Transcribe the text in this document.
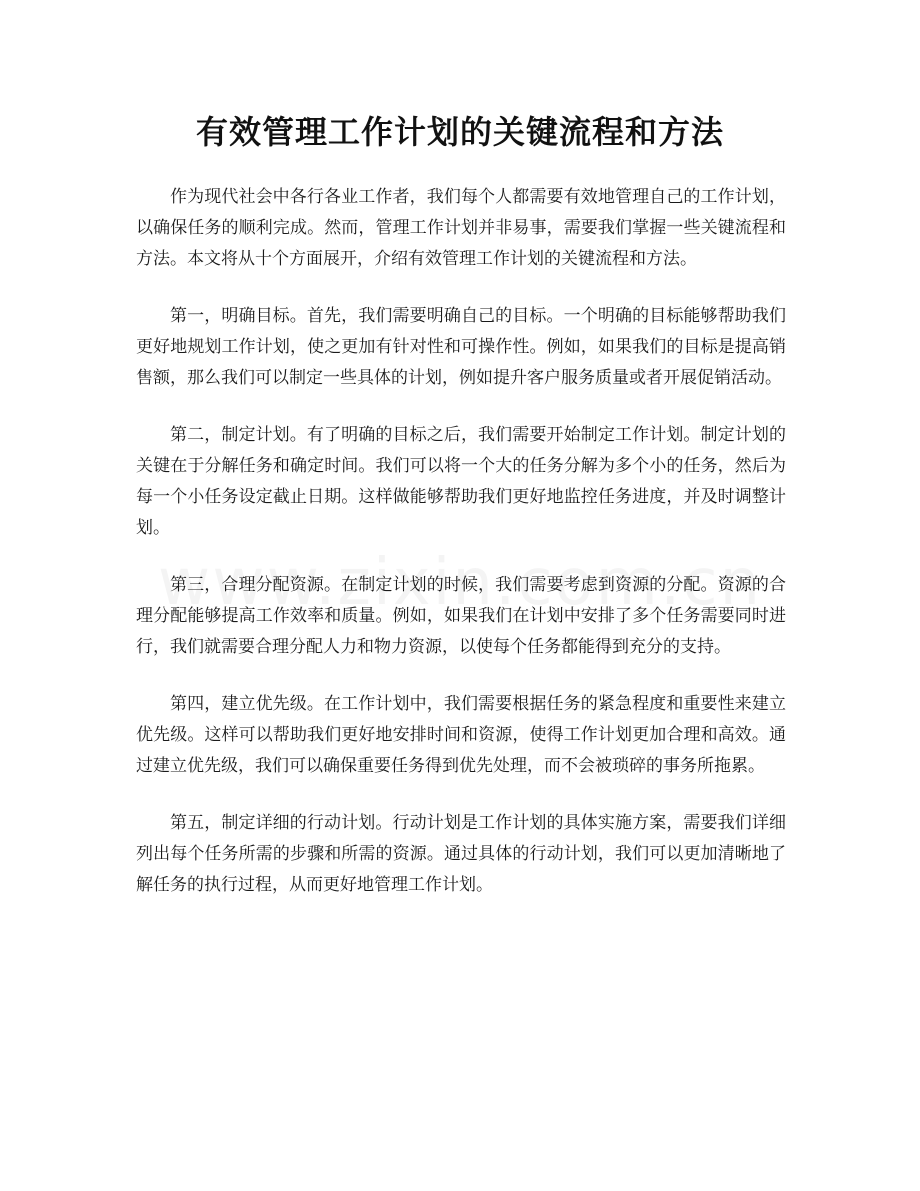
有效管理工作计划的关键流程和方法

作为现代社会中各行各业工作者，我们每个人都需要有效地管理自己的工作计划，以确保任务的顺利完成。然而，管理工作计划并非易事，需要我们掌握一些关键流程和方法。本文将从十个方面展开，介绍有效管理工作计划的关键流程和方法。

第一，明确目标。首先，我们需要明确自己的目标。一个明确的目标能够帮助我们更好地规划工作计划，使之更加有针对性和可操作性。例如，如果我们的目标是提高销售额，那么我们可以制定一些具体的计划，例如提升客户服务质量或者开展促销活动。

第二，制定计划。有了明确的目标之后，我们需要开始制定工作计划。制定计划的关键在于分解任务和确定时间。我们可以将一个大的任务分解为多个小的任务，然后为每一个小任务设定截止日期。这样做能够帮助我们更好地监控任务进度，并及时调整计划。

第三，合理分配资源。在制定计划的时候，我们需要考虑到资源的分配。资源的合理分配能够提高工作效率和质量。例如，如果我们在计划中安排了多个任务需要同时进行，我们就需要合理分配人力和物力资源，以使每个任务都能得到充分的支持。

第四，建立优先级。在工作计划中，我们需要根据任务的紧急程度和重要性来建立优先级。这样可以帮助我们更好地安排时间和资源，使得工作计划更加合理和高效。通过建立优先级，我们可以确保重要任务得到优先处理，而不会被琐碎的事务所拖累。

第五，制定详细的行动计划。行动计划是工作计划的具体实施方案，需要我们详细列出每个任务所需的步骤和所需的资源。通过具体的行动计划，我们可以更加清晰地了解任务的执行过程，从而更好地管理工作计划。
